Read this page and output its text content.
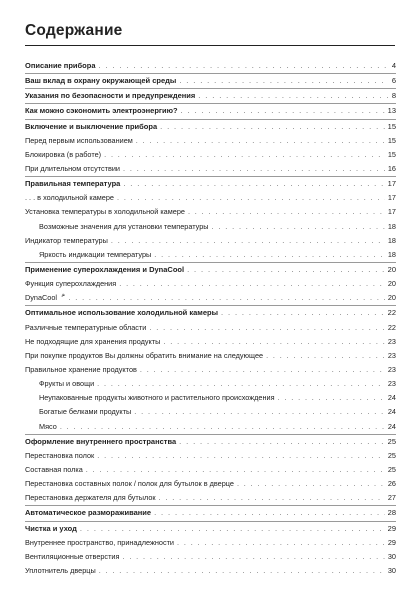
Содержание
Описание прибора . . .	4
Ваш вклад в охрану окружающей среды . . .	6
Указания по безопасности и предупреждения . . .	8
Как можно сэкономить электроэнергию? . . .	13
Включение и выключение прибора . . .	15
Перед первым использованием . . .	15
Блокировка (в работе) . . .	15
При длительном отсутствии . . .	16
Правильная температура . . .	17
. . . в холодильной камере . . .	17
Установка температуры в холодильной камере . . .	17
Возможные значения для установки температуры . . .	18
Индикатор температуры . . .	18
Яркость индикации температуры . . .	18
Применение суперохлаждения и DynaCool . . .	20
Функция суперохлаждения . . .	20
DynaCool . . .	20
Оптимальное использование холодильной камеры . . .	22
Различные температурные области . . .	22
Не подходящие для хранения продукты . . .	23
При покупке продуктов Вы должны обратить внимание на следующее . . .	23
Правильное хранение продуктов . . .	23
Фрукты и овощи . . .	23
Неупакованные продукты животного и растительного происхождения . . .	24
Богатые белками продукты . . .	24
Мясо . . .	24
Оформление внутреннего пространства . . .	25
Перестановка полок . . .	25
Составная полка . . .	25
Перестановка составных полок / полок для бутылок в дверце . . .	26
Перестановка держателя для бутылок . . .	27
Автоматическое размораживание . . .	28
Чистка и уход . . .	29
Внутреннее пространство, принадлежности . . .	29
Вентиляционные отверстия . . .	30
Уплотнитель дверцы . . .	30
